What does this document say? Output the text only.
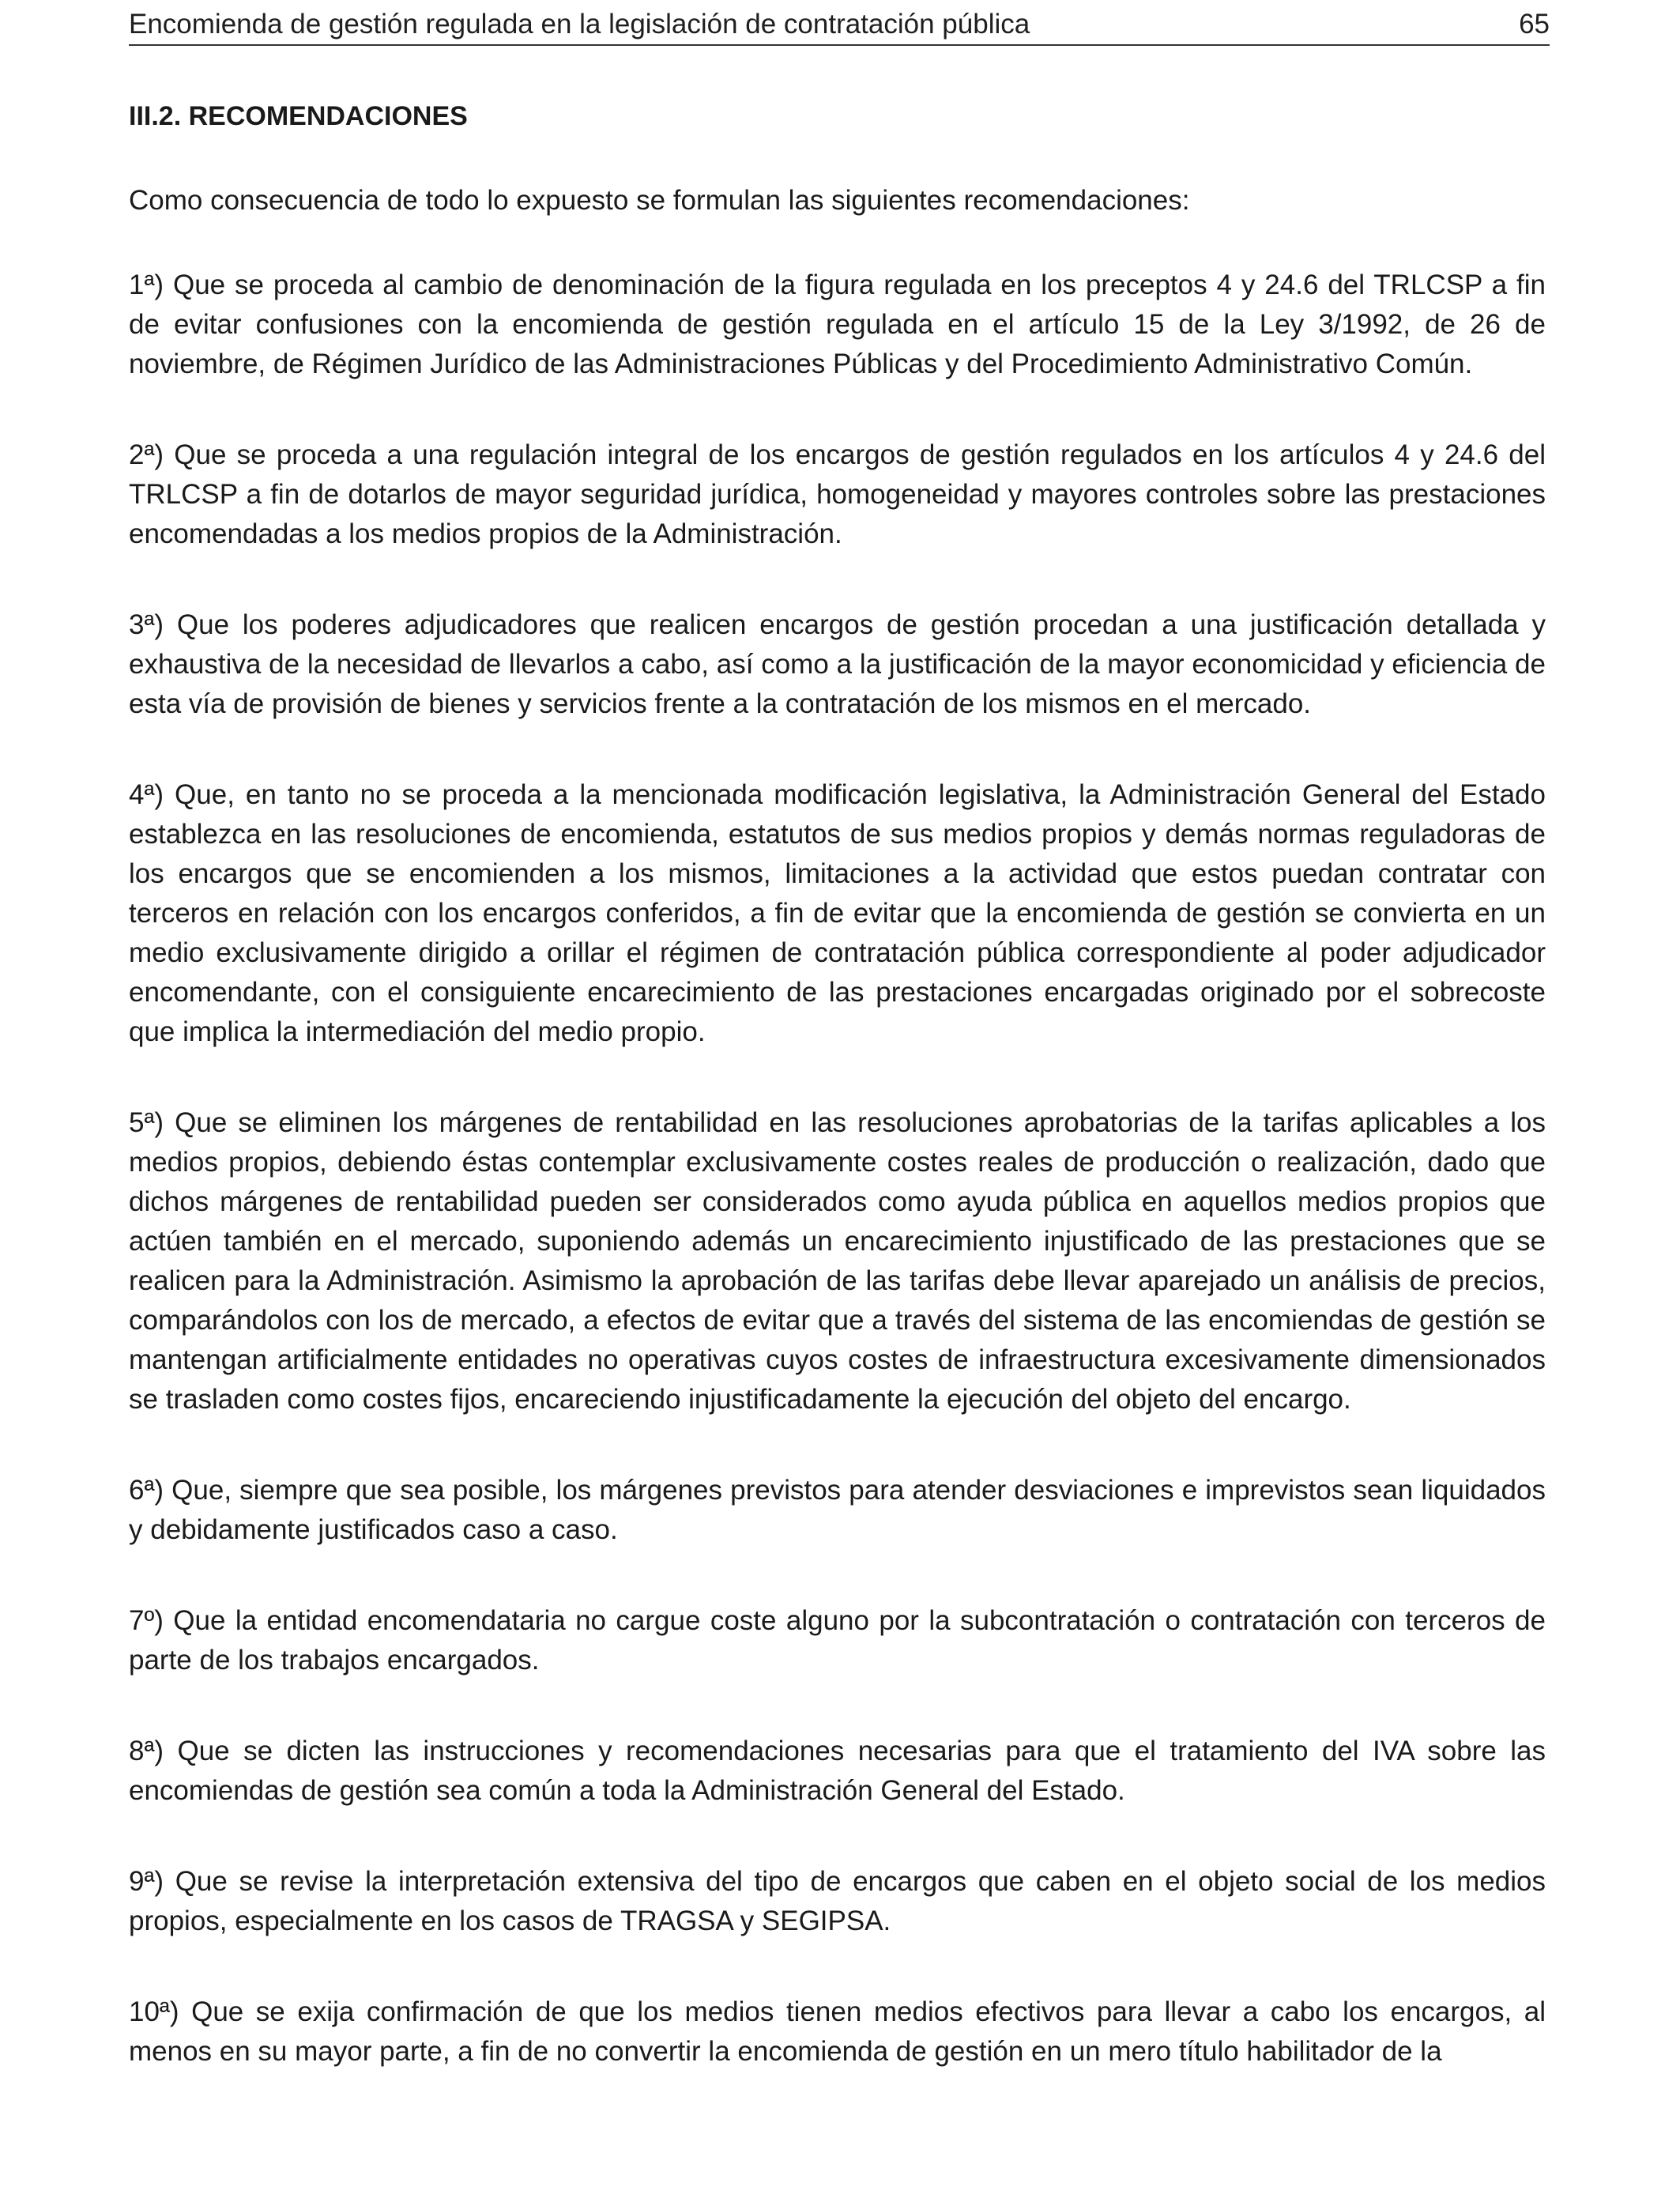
Encomienda de gestión regulada en la legislación de contratación pública	65
III.2. RECOMENDACIONES

Como consecuencia de todo lo expuesto se formulan las siguientes recomendaciones:

1ª) Que se proceda al cambio de denominación de la figura regulada en los preceptos 4 y 24.6 del TRLCSP a fin de evitar confusiones con la encomienda de gestión regulada en el artículo 15 de la Ley 3/1992, de 26 de noviembre, de Régimen Jurídico de las Administraciones Públicas y del Procedimiento Administrativo Común.

2ª) Que se proceda a una regulación integral de los encargos de gestión regulados en los artículos 4 y 24.6 del TRLCSP a fin de dotarlos de mayor seguridad jurídica, homogeneidad y mayores controles sobre las prestaciones encomendadas a los medios propios de la Administración.

3ª) Que los poderes adjudicadores que realicen encargos de gestión procedan a una justificación detallada y exhaustiva de la necesidad de llevarlos a cabo, así como a la justificación de la mayor economicidad y eficiencia de esta vía de provisión de bienes y servicios frente a la contratación de los mismos en el mercado.

4ª) Que, en tanto no se proceda a la mencionada modificación legislativa, la Administración General del Estado establezca en las resoluciones de encomienda, estatutos de sus medios propios y demás normas reguladoras de los encargos que se encomienden a los mismos, limitaciones a la actividad que estos puedan contratar con terceros en relación con los encargos conferidos, a fin de evitar que la encomienda de gestión se convierta en un medio exclusivamente dirigido a orillar el régimen de contratación pública correspondiente al poder adjudicador encomendante, con el consiguiente encarecimiento de las prestaciones encargadas originado por el sobrecoste que implica la intermediación del medio propio.

5ª) Que se eliminen los márgenes de rentabilidad en las resoluciones aprobatorias de la tarifas aplicables a los medios propios, debiendo éstas contemplar exclusivamente costes reales de producción o realización, dado que dichos márgenes de rentabilidad pueden ser considerados como ayuda pública en aquellos medios propios que actúen también en el mercado, suponiendo además un encarecimiento injustificado de las prestaciones que se realicen para la Administración. Asimismo la aprobación de las tarifas debe llevar aparejado un análisis de precios, comparándolos con los de mercado, a efectos de evitar que a través del sistema de las encomiendas de gestión se mantengan artificialmente entidades no operativas cuyos costes de infraestructura excesivamente dimensionados se trasladen como costes fijos, encareciendo injustificadamente la ejecución del objeto del encargo.

6ª) Que, siempre que sea posible, los márgenes previstos para atender desviaciones e imprevistos sean liquidados y debidamente justificados caso a caso.

7º) Que la entidad encomendataria no cargue coste alguno por la subcontratación o contratación con terceros de parte de los trabajos encargados.

8ª) Que se dicten las instrucciones y recomendaciones necesarias para que el tratamiento del IVA sobre las encomiendas de gestión sea común a toda la Administración General del Estado.

9ª) Que se revise la interpretación extensiva del tipo de encargos que caben en el objeto social de los medios propios, especialmente en los casos de TRAGSA y SEGIPSA.

10ª) Que se exija confirmación de que los medios tienen medios efectivos para llevar a cabo los encargos, al menos en su mayor parte, a fin de no convertir la encomienda de gestión en un mero título habilitador de la
